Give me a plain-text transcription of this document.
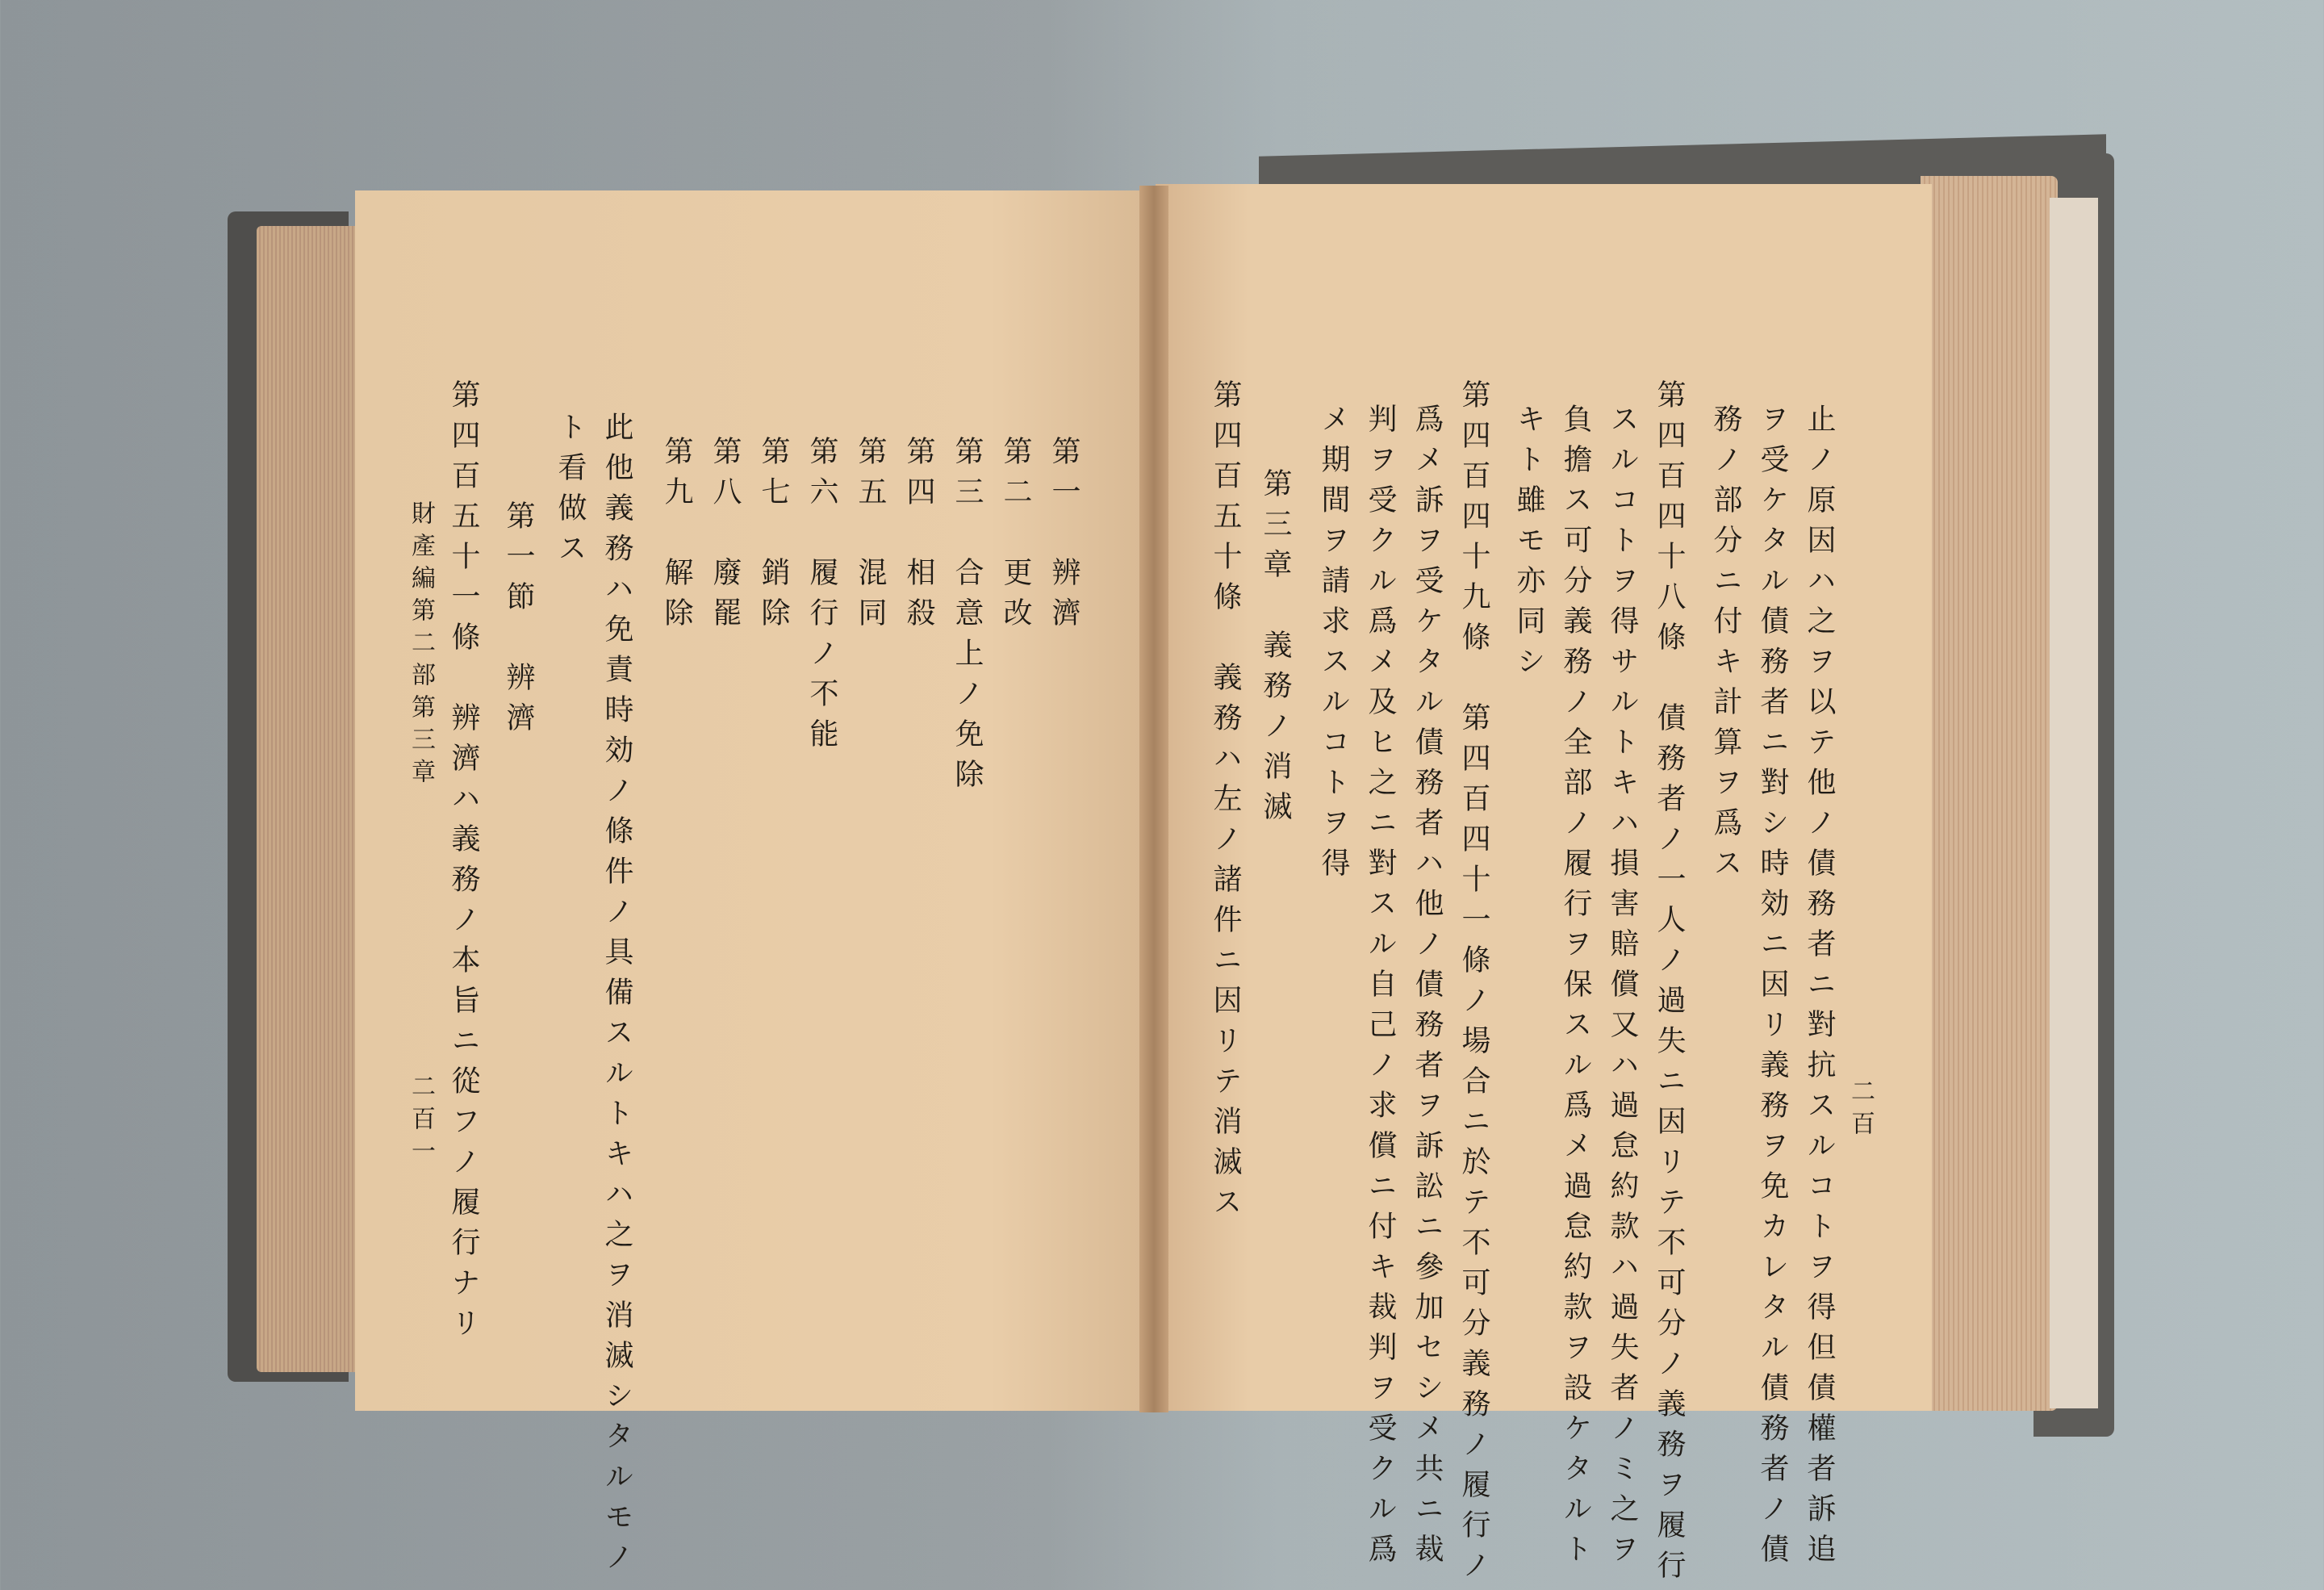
二百
止ノ原因ハ之ヲ以テ他ノ債務者ニ對抗スルコトヲ得但債權者訴追
ヲ受ケタル債務者ニ對シ時効ニ因リ義務ヲ免カレタル債務者ノ債
務ノ部分ニ付キ計算ヲ爲ス
第四百四十八條　債務者ノ一人ノ過失ニ因リテ不可分ノ義務ヲ履行
スルコトヲ得サルトキハ損害賠償又ハ過怠約款ハ過失者ノミ之ヲ
負擔ス可分義務ノ全部ノ履行ヲ保スル爲メ過怠約款ヲ設ケタルト
キト雖モ亦同シ
第四百四十九條　第四百四十一條ノ場合ニ於テ不可分義務ノ履行ノ
爲メ訴ヲ受ケタル債務者ハ他ノ債務者ヲ訴訟ニ參加セシメ共ニ裁
判ヲ受クル爲メ及ヒ之ニ對スル自己ノ求償ニ付キ裁判ヲ受クル爲
メ期間ヲ請求スルコトヲ得
第三章　義務ノ消滅
第四百五十條　義務ハ左ノ諸件ニ因リテ消滅ス
第一　辨濟
第二　更改
第三　合意上ノ免除
第四　相殺
第五　混同
第六　履行ノ不能
第七　銷除
第八　廢罷
第九　解除
此他義務ハ免責時効ノ條件ノ具備スルトキハ之ヲ消滅シタルモノ
ト看做ス
第一節　辨濟
第四百五十一條　辨濟ハ義務ノ本旨ニ從フノ履行ナリ
財產編第二部第三章
二百一
